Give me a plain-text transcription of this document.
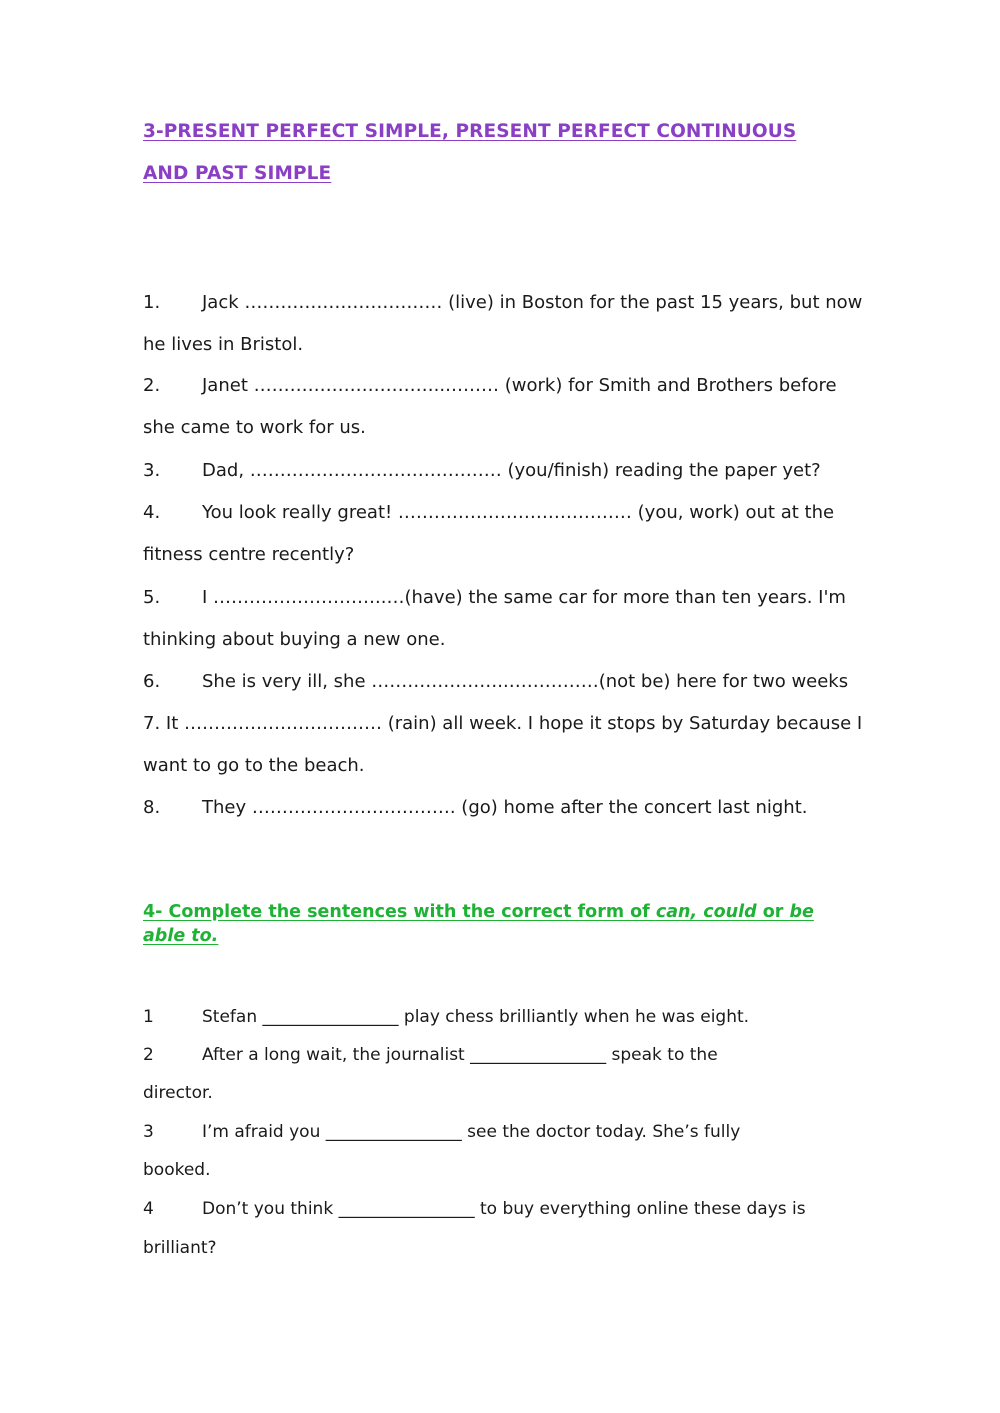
3-PRESENT PERFECT SIMPLE, PRESENT PERFECT CONTINUOUS
AND PAST SIMPLE
1. Jack …………………………… (live) in Boston for the past 15 years, but now
he lives in Bristol.
2. Janet …………………………..……… (work) for Smith and Brothers before
she came to work for us.
3. Dad, …………………………………… (you/finish) reading the paper yet?
4. You look really great! ………………………………… (you, work) out at the
fitness centre recently?
5. I ………………………..…(have) the same car for more than ten years. I'm
thinking about buying a new one.
6. She is very ill, she …………………..……………(not be) here for two weeks
7. It …………………………… (rain) all week. I hope it stops by Saturday because I
want to go to the beach.
8. They ……………………………. (go) home after the concert last night.
4- Complete the sentences with the correct form of can, could or be
able to.
1	Stefan ________________ play chess brilliantly when he was eight.
2	After a long wait, the journalist ________________ speak to the
director.
3	I’m afraid you ________________ see the doctor today. She’s fully
booked.
4	Don’t you think ________________ to buy everything online these days is
brilliant?
